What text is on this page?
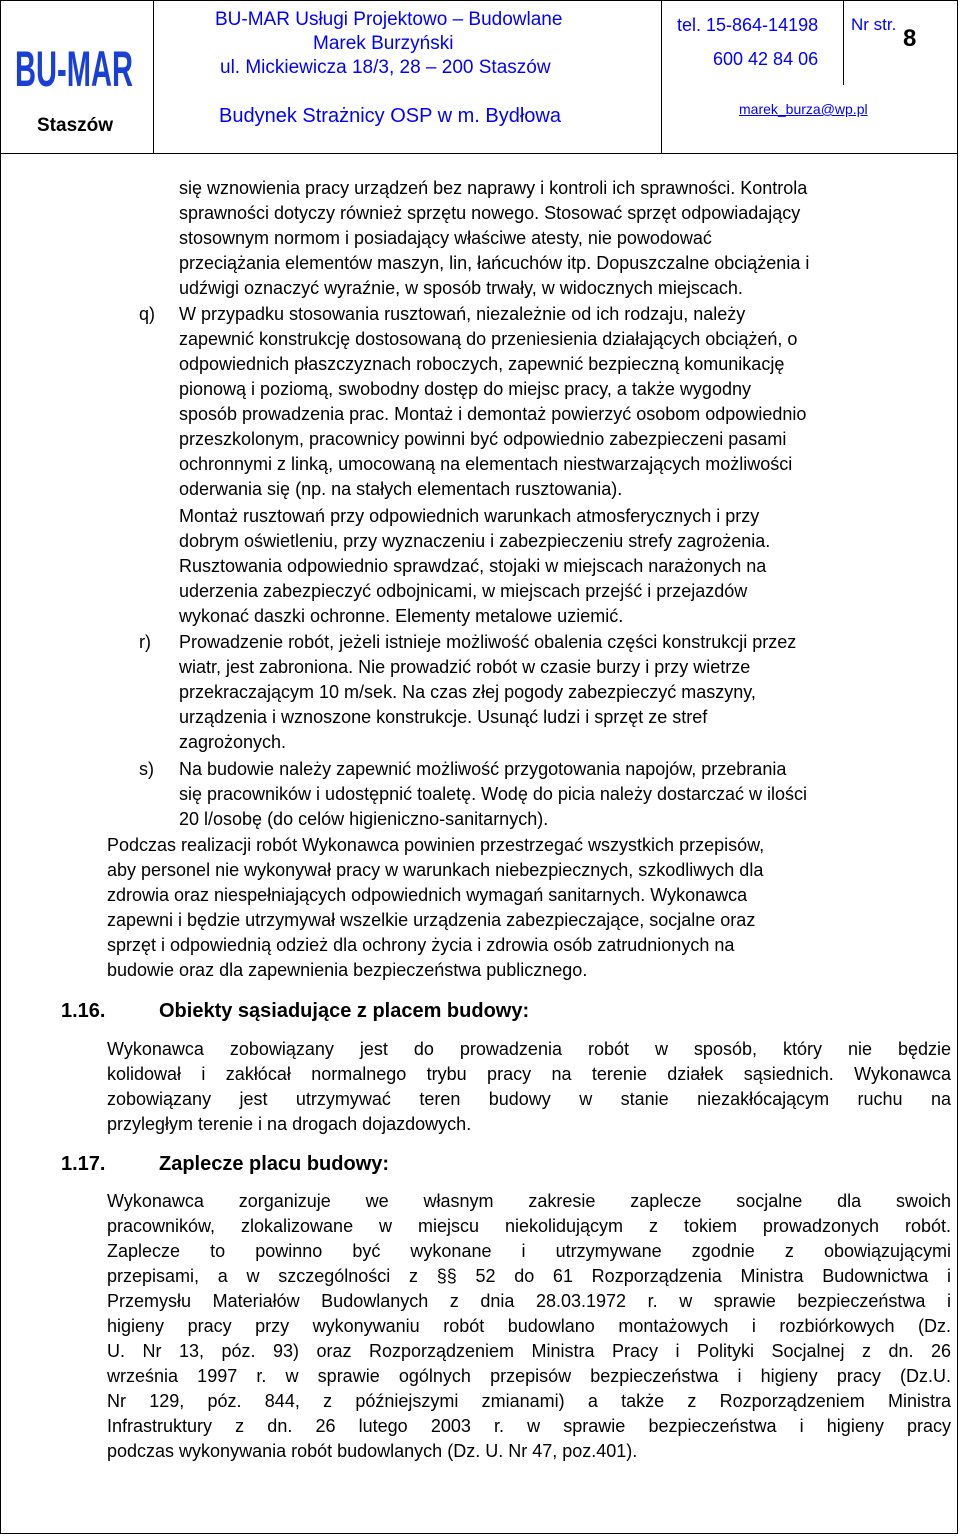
BU-MAR
Staszów
BU-MAR Usługi Projektowo – Budowlane
Marek Burzyński
ul. Mickiewicza 18/3, 28 – 200 Staszów
Budynek Strażnicy OSP w m. Bydłowa
tel. 15-864-14198
600 42 84 06
marek_burza@wp.pl
Nr str.
8
się wznowienia pracy urządzeń bez naprawy i kontroli ich sprawności. Kontrola
sprawności dotyczy również sprzętu nowego. Stosować sprzęt odpowiadający
stosownym normom i posiadający właściwe atesty, nie powodować
przeciążania elementów maszyn, lin, łańcuchów itp. Dopuszczalne obciążenia i
udźwigi oznaczyć wyraźnie, w sposób trwały, w widocznych miejscach.
q) W przypadku stosowania rusztowań, niezależnie od ich rodzaju, należy
zapewnić konstrukcję dostosowaną do przeniesienia działających obciążeń, o
odpowiednich płaszczyznach roboczych, zapewnić bezpieczną komunikację
pionową i poziomą, swobodny dostęp do miejsc pracy, a także wygodny
sposób prowadzenia prac. Montaż i demontaż powierzyć osobom odpowiednio
przeszkolonym, pracownicy powinni być odpowiednio zabezpieczeni pasami
ochronnymi z linką, umocowaną na elementach niestwarzających możliwości
oderwania się (np. na stałych elementach rusztowania).
Montaż rusztowań przy odpowiednich warunkach atmosferycznych i przy
dobrym oświetleniu, przy wyznaczeniu i zabezpieczeniu strefy zagrożenia.
Rusztowania odpowiednio sprawdzać, stojaki w miejscach narażonych na
uderzenia zabezpieczyć odbojnicami, w miejscach przejść i przejazdów
wykonać daszki ochronne. Elementy metalowe uziemić.
r) Prowadzenie robót, jeżeli istnieje możliwość obalenia części konstrukcji przez
wiatr, jest zabroniona. Nie prowadzić robót w czasie burzy i przy wietrze
przekraczającym 10 m/sek. Na czas złej pogody zabezpieczyć maszyny,
urządzenia i wznoszone konstrukcje. Usunąć ludzi i sprzęt ze stref
zagrożonych.
s) Na budowie należy zapewnić możliwość przygotowania napojów, przebrania
się pracowników i udostępnić toaletę. Wodę do picia należy dostarczać w ilości
20 l/osobę (do celów higieniczno-sanitarnych).
Podczas realizacji robót Wykonawca powinien przestrzegać wszystkich przepisów,
aby personel nie wykonywał pracy w warunkach niebezpiecznych, szkodliwych dla
zdrowia oraz niespełniających odpowiednich wymagań sanitarnych. Wykonawca
zapewni i będzie utrzymywał wszelkie urządzenia zabezpieczające, socjalne oraz
sprzęt i odpowiednią odzież dla ochrony życia i zdrowia osób zatrudnionych na
budowie oraz dla zapewnienia bezpieczeństwa publicznego.
1.16.	Obiekty sąsiadujące z placem budowy:
Wykonawca zobowiązany jest do prowadzenia robót w sposób, który nie będzie
kolidował i zakłócał normalnego trybu pracy na terenie działek sąsiednich. Wykonawca
zobowiązany jest utrzymywać teren budowy w stanie niezakłócającym ruchu na
przyległym terenie i na drogach dojazdowych.
1.17.	Zaplecze placu budowy:
Wykonawca zorganizuje we własnym zakresie zaplecze socjalne dla swoich
pracowników, zlokalizowane w miejscu niekolidującym z tokiem prowadzonych robót.
Zaplecze to powinno być wykonane i utrzymywane zgodnie z obowiązującymi
przepisami, a w szczególności z §§ 52 do 61 Rozporządzenia Ministra Budownictwa i
Przemysłu Materiałów Budowlanych z dnia 28.03.1972 r. w sprawie bezpieczeństwa i
higieny pracy przy wykonywaniu robót budowlano montażowych i rozbiórkowych (Dz.
U. Nr 13, póz. 93) oraz Rozporządzeniem Ministra Pracy i Polityki Socjalnej z dn. 26
września 1997 r. w sprawie ogólnych przepisów bezpieczeństwa i higieny pracy (Dz.U.
Nr 129, póz. 844, z późniejszymi zmianami) a także z Rozporządzeniem Ministra
Infrastruktury z dn. 26 lutego 2003 r. w sprawie bezpieczeństwa i higieny pracy
podczas wykonywania robót budowlanych (Dz. U. Nr 47, poz.401).
